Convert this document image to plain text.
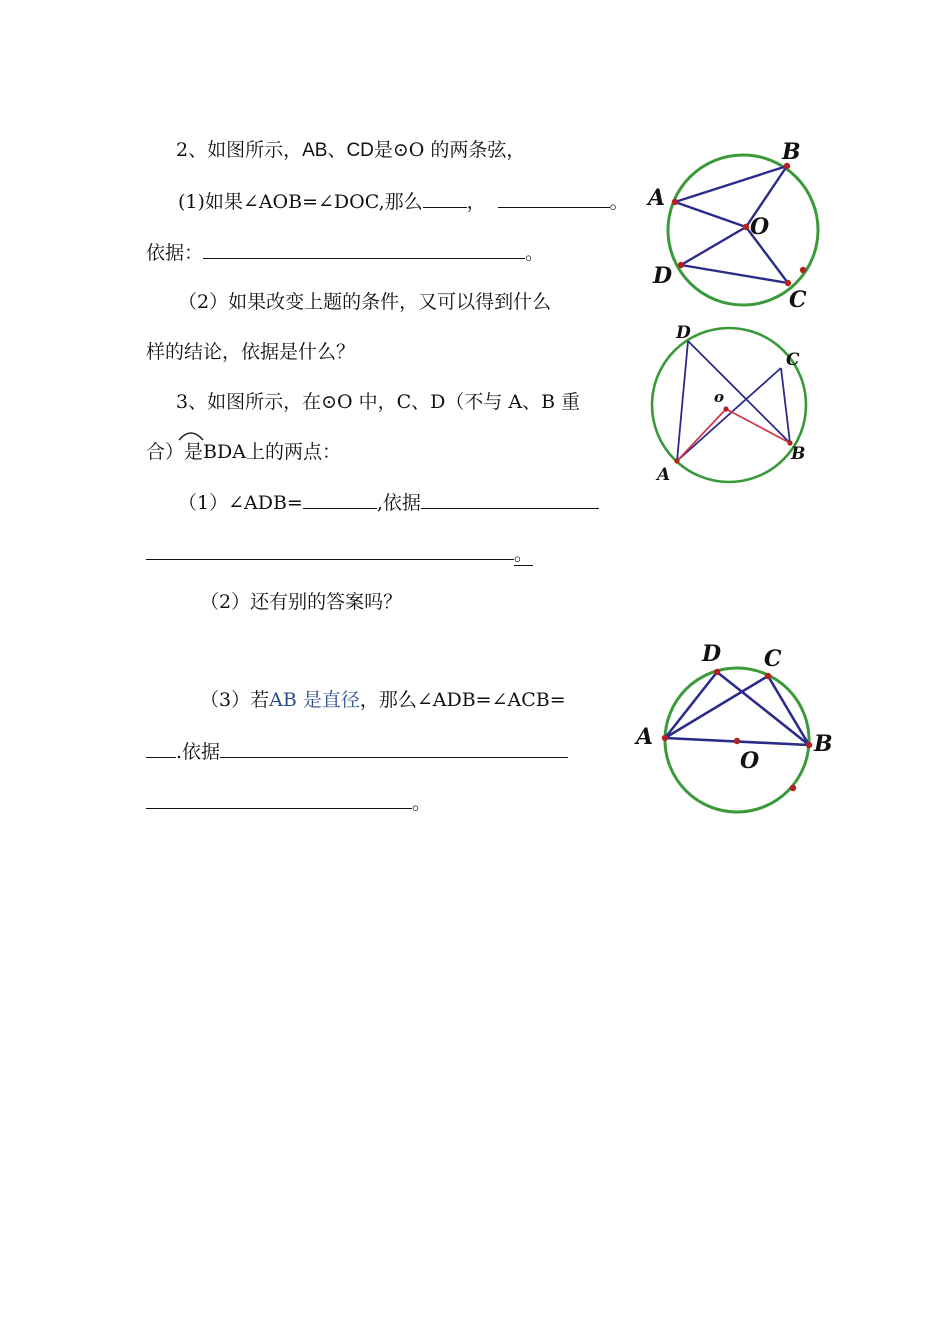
2、如图所示，AB、CD是⊙O 的两条弦，
(1)如果∠AOB=∠DOC,那么 ，	。
依据：	。
（2）如果改变上题的条件，又可以得到什么
样的结论，依据是什么？
3、如图所示，在⊙O 中，C、D（不与 A、B 重
合）是BDA上的两点：
（1）∠ADB=	,依据
。
（2）还有别的答案吗？
（3）若AB 是直径，那么∠ADB=∠ACB=
.依据
。
A
B
O
D
C
D
C
o
B
A
D C
A	B
O
